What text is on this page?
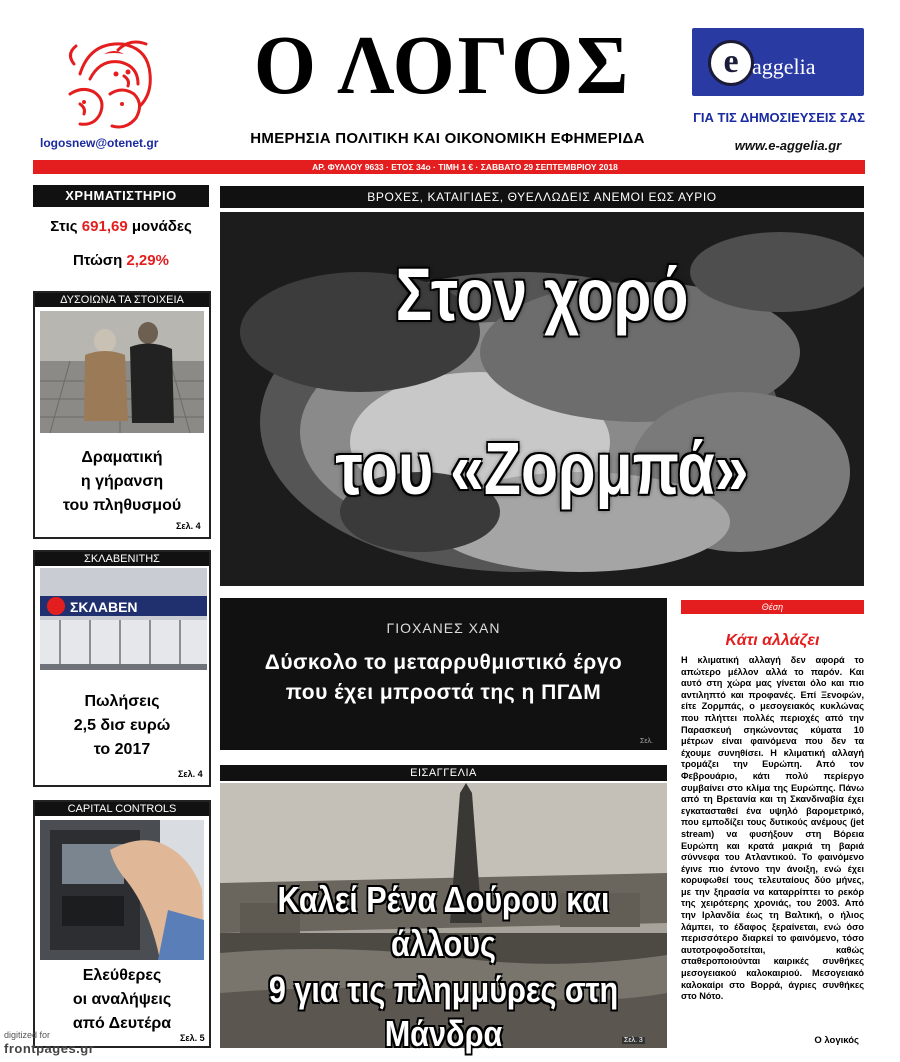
logosnew@otenet.gr
Ο ΛΟΓΟΣ
ΗΜΕΡΗΣΙΑ ΠΟΛΙΤΙΚΗ ΚΑΙ ΟΙΚΟΝΟΜΙΚΗ ΕΦΗΜΕΡΙΔΑ
e aggelia
ΓΙΑ ΤΙΣ ΔΗΜΟΣΙΕΥΣΕΙΣ ΣΑΣ
www.e-aggelia.gr
ΑΡ. ΦΥΛΛΟΥ 9633 · ΕΤΟΣ 34ο · ΤΙΜΗ 1 € · ΣΑΒΒΑΤΟ 29 ΣΕΠΤΕΜΒΡΙΟΥ 2018
ΧΡΗΜΑΤΙΣΤΗΡΙΟ
Στις 691,69 μονάδες
Πτώση 2,29%
ΔΥΣΟΙΩΝΑ ΤΑ ΣΤΟΙΧΕΙΑ
Δραματική
η γήρανση
του πληθυσμού
Σελ. 4
ΣΚΛΑΒΕΝΙΤΗΣ
ΣΚΛΑΒΕΝ
Πωλήσεις
2,5 δισ ευρώ
το 2017
Σελ. 4
CAPITAL CONTROLS
Ελεύθερες
οι αναλήψεις
από Δευτέρα
Σελ. 5
ΒΡΟΧΕΣ, ΚΑΤΑΙΓΙΔΕΣ, ΘΥΕΛΛΩΔΕΙΣ ΑΝΕΜΟΙ ΕΩΣ ΑΥΡΙΟ
Στον χορό
του «Ζορμπά»
ΓΙΟΧΑΝΕΣ ΧΑΝ
Δύσκολο το μεταρρυθμιστικό έργο
που έχει μπροστά της η ΠΓΔΜ
Σελ.
ΕΙΣΑΓΓΕΛΙΑ
Καλεί Ρένα Δούρου και άλλους
9 για τις πλημμύρες στη Μάνδρα	Σελ. 3
Θέση
Κάτι αλλάζει
Η κλιματική αλλαγή δεν αφορά το απώτερο μέλλον αλλά το παρόν. Και αυτό στη χώρα μας γίνεται όλο και πιο αντιληπτό και προφανές. Επί Ξενοφών, είτε Ζορμπάς, ο μεσογειακός κυκλώνας που πλήττει πολλές περιοχές από την Παρασκευή σηκώνοντας κύματα 10 μέτρων είναι φαινόμενα που δεν τα έχουμε συνηθίσει. Η κλιματική αλλαγή τρομάζει την Ευρώπη. Από τον Φεβρουάριο, κάτι πολύ περίεργο συμβαίνει στο κλίμα της Ευρώπης. Πάνω από τη Βρετανία και τη Σκανδιναβία έχει εγκατασταθεί ένα υψηλό βαρομετρικό, που εμποδίζει τους δυτικούς ανέμους (jet stream) να φυσήξουν στη Βόρεια Ευρώπη και κρατά μακριά τη βαριά σύννεφα του Ατλαντικού. Το φαινόμενο έγινε πιο έντονο την άνοιξη, ενώ έχει κορυφωθεί τους τελευταίους δύο μήνες, με την ξηρασία να καταρρίπτει το ρεκόρ της χειρότερης χρονιάς, του 2003. Από την Ιρλανδία έως τη Βαλτική, ο ήλιος λάμπει, το έδαφος ξεραίνεται, ενώ όσο περισσότερο διαρκεί το φαινόμενο, τόσο αυτοτροφοδοτείται, καθώς σταθεροποιούνται καιρικές συνθήκες μεσογειακού καλοκαιριού. Μεσογειακό καλοκαίρι στο Βορρά, άγριες συνθήκες στο Νότο.
Ο λογικός
digitized for
frontpages.gr
